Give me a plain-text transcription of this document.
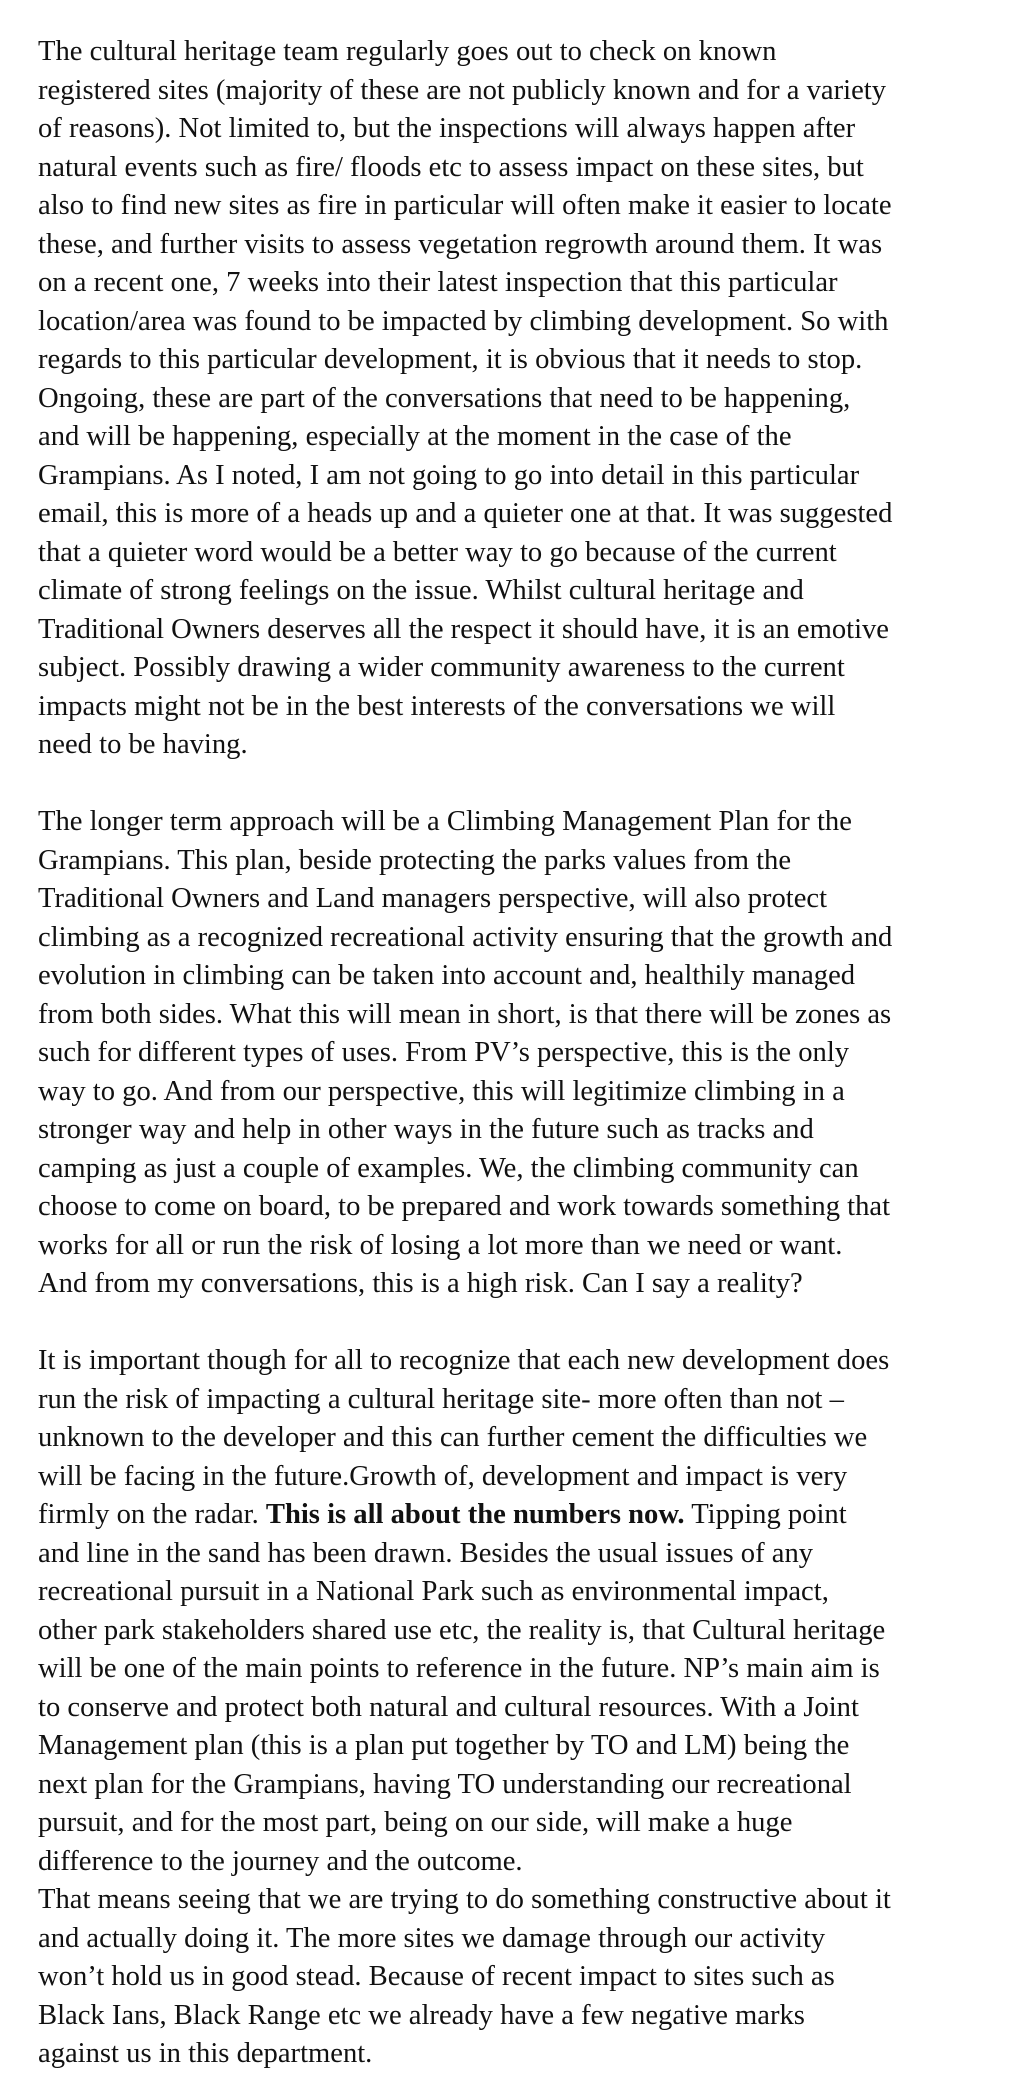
The cultural heritage team regularly goes out to check on known
registered sites (majority of these are not publicly known and for a variety
of reasons). Not limited to, but the inspections will always happen after
natural events such as fire/ floods etc to assess impact on these sites, but
also to find new sites as fire in particular will often make it easier to locate
these, and further visits to assess vegetation regrowth around them. It was
on a recent one, 7 weeks into their latest inspection that this particular
location/area was found to be impacted by climbing development. So with
regards to this particular development, it is obvious that it needs to stop.
Ongoing, these are part of the conversations that need to be happening,
and will be happening, especially at the moment in the case of the
Grampians. As I noted, I am not going to go into detail in this particular
email, this is more of a heads up and a quieter one at that. It was suggested
that a quieter word would be a better way to go because of the current
climate of strong feelings on the issue. Whilst cultural heritage and
Traditional Owners deserves all the respect it should have, it is an emotive
subject. Possibly drawing a wider community awareness to the current
impacts might not be in the best interests of the conversations we will
need to be having.

The longer term approach will be a Climbing Management Plan for the
Grampians. This plan, beside protecting the parks values from the
Traditional Owners and Land managers perspective, will also protect
climbing as a recognized recreational activity ensuring that the growth and
evolution in climbing can be taken into account and, healthily managed
from both sides. What this will mean in short, is that there will be zones as
such for different types of uses. From PV’s perspective, this is the only
way to go. And from our perspective, this will legitimize climbing in a
stronger way and help in other ways in the future such as tracks and
camping as just a couple of examples. We, the climbing community can
choose to come on board, to be prepared and work towards something that
works for all or run the risk of losing a lot more than we need or want.
And from my conversations, this is a high risk. Can I say a reality?

It is important though for all to recognize that each new development does
run the risk of impacting a cultural heritage site- more often than not –
unknown to the developer and this can further cement the difficulties we
will be facing in the future.Growth of, development and impact is very
firmly on the radar. This is all about the numbers now. Tipping point
and line in the sand has been drawn. Besides the usual issues of any
recreational pursuit in a National Park such as environmental impact,
other park stakeholders shared use etc, the reality is, that Cultural heritage
will be one of the main points to reference in the future. NP’s main aim is
to conserve and protect both natural and cultural resources. With a Joint
Management plan (this is a plan put together by TO and LM) being the
next plan for the Grampians, having TO understanding our recreational
pursuit, and for the most part, being on our side, will make a huge
difference to the journey and the outcome.

That means seeing that we are trying to do something constructive about it
and actually doing it. The more sites we damage through our activity
won’t hold us in good stead. Because of recent impact to sites such as
Black Ians, Black Range etc we already have a few negative marks
against us in this department.
